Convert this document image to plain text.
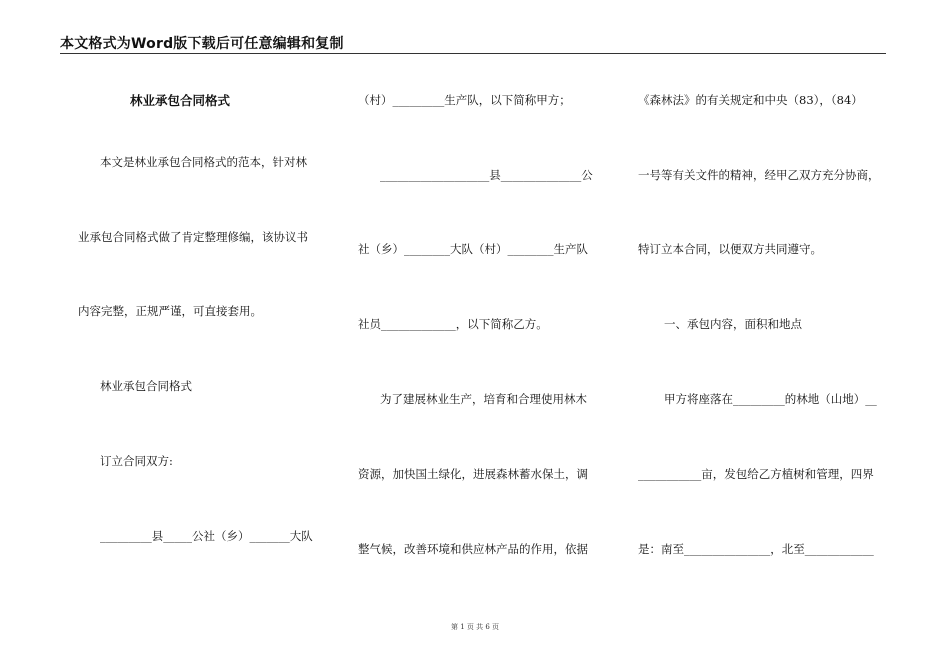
本文格式为Word版下载后可任意编辑和复制
林业承包合同格式
本文是林业承包合同格式的范本，针对林
业承包合同格式做了肯定整理修编，该协议书
内容完整，正规严谨，可直接套用。
林业承包合同格式
订立合同双方:
_________县_____公社（乡）_______大队
（村）_________生产队，以下简称甲方；
___________________县______________公
社（乡）________大队（村）________生产队
社员_____________，以下简称乙方。
为了建展林业生产，培育和合理使用林木
资源，加快国土绿化，进展森林蓄水保土，调
整气候，改善环境和供应林产品的作用，依据
《森林法》的有关规定和中央（83），（84）
一号等有关文件的精神，经甲乙双方充分协商，
特订立本合同，以便双方共同遵守。
一、承包内容，面积和地点
甲方将座落在_________的林地（山地）__
___________亩，发包给乙方植树和管理，四界
是：南至_______________，北至____________
第 1 页 共 6 页
